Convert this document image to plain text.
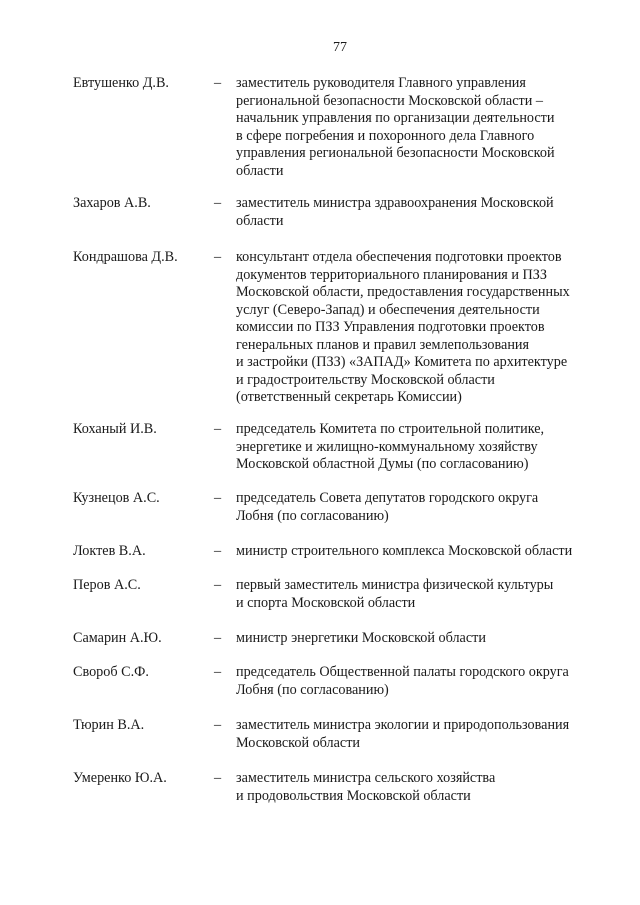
77
Евтушенко Д.В.	– заместитель руководителя Главного управления
региональной безопасности Московской области –
начальник управления по организации деятельности
в сфере погребения и похоронного дела Главного
управления региональной безопасности Московской
области
Захаров А.В.	– заместитель министра здравоохранения Московской
области
Кондрашова Д.В.	– консультант отдела обеспечения подготовки проектов
документов территориального планирования и ПЗЗ
Московской области, предоставления государственных
услуг (Северо-Запад) и обеспечения деятельности
комиссии по ПЗЗ Управления подготовки проектов
генеральных планов и правил землепользования
и застройки (ПЗЗ) «ЗАПАД» Комитета по архитектуре
и градостроительству Московской области
(ответственный секретарь Комиссии)
Коханый И.В.	– председатель Комитета по строительной политике,
энергетике и жилищно-коммунальному хозяйству
Московской областной Думы (по согласованию)
Кузнецов А.С.	– председатель Совета депутатов городского округа
Лобня (по согласованию)
Локтев В.А.	– министр строительного комплекса Московской области
Перов А.С.	– первый заместитель министра физической культуры
и спорта Московской области
Самарин А.Ю.	– министр энергетики Московской области
Свороб С.Ф.	– председатель Общественной палаты городского округа
Лобня (по согласованию)
Тюрин В.А.	– заместитель министра экологии и природопользования
Московской области
Умеренко Ю.А.	– заместитель министра сельского хозяйства
и продовольствия Московской области
